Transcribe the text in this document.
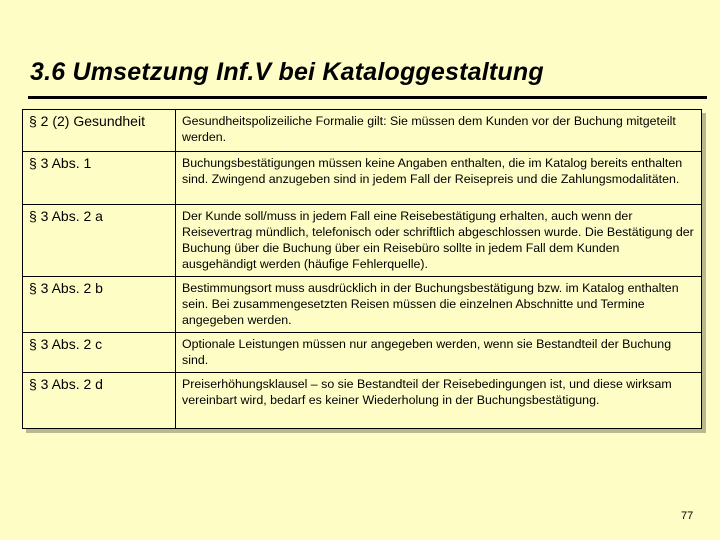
3.6 Umsetzung Inf.V bei Kataloggestaltung
§ 2 (2) Gesundheit	Gesundheitspolizeiliche Formalie gilt: Sie müssen dem Kunden vor der Buchung mitgeteilt werden.
§ 3 Abs. 1	Buchungsbestätigungen müssen keine Angaben enthalten, die im Katalog bereits enthalten sind. Zwingend anzugeben sind in jedem Fall der Reisepreis und die Zahlungsmodalitäten.
§ 3 Abs. 2 a	Der Kunde soll/muss in jedem Fall eine Reisebestätigung erhalten, auch wenn der Reisevertrag mündlich, telefonisch oder schriftlich abgeschlossen wurde. Die Bestätigung der Buchung über die Buchung über ein Reisebüro sollte in jedem Fall dem Kunden ausgehändigt werden (häufige Fehlerquelle).
§ 3 Abs. 2 b	Bestimmungsort muss ausdrücklich in der Buchungsbestätigung bzw. im Katalog enthalten sein. Bei zusammengesetzten Reisen müssen die einzelnen Abschnitte und Termine angegeben werden.
§ 3 Abs. 2 c	Optionale Leistungen müssen nur angegeben werden, wenn sie Bestandteil der Buchung sind.
§ 3 Abs. 2 d	Preiserhöhungsklausel – so sie Bestandteil der Reisebedingungen ist, und diese wirksam vereinbart wird, bedarf es keiner Wiederholung in der Buchungsbestätigung.
77
